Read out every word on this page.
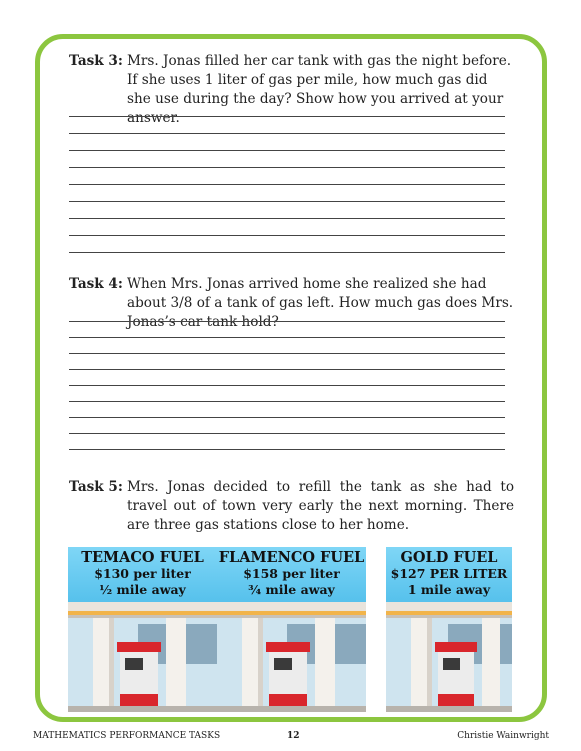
Task 3: Mrs. Jonas filled her car tank with gas the night before. If she uses 1 liter of gas per mile, how much gas did she use during the day? Show how you arrived at your answer.
Task 4: When Mrs. Jonas arrived home she realized she had about 3/8 of a tank of gas left. How much gas does Mrs. Jonas’s car tank hold?
Task 5: Mrs. Jonas decided to refill the tank as she had to travel out of town very early the next morning. There are three gas stations close to her home.
TEMACO FUEL
$130 per liter
½ mile away
FLAMENCO FUEL
$158 per liter
¾ mile away
GOLD FUEL
$127 PER LITER
1 mile away
MATHEMATICS PERFORMANCE TASKS	12	Christie Wainwright
